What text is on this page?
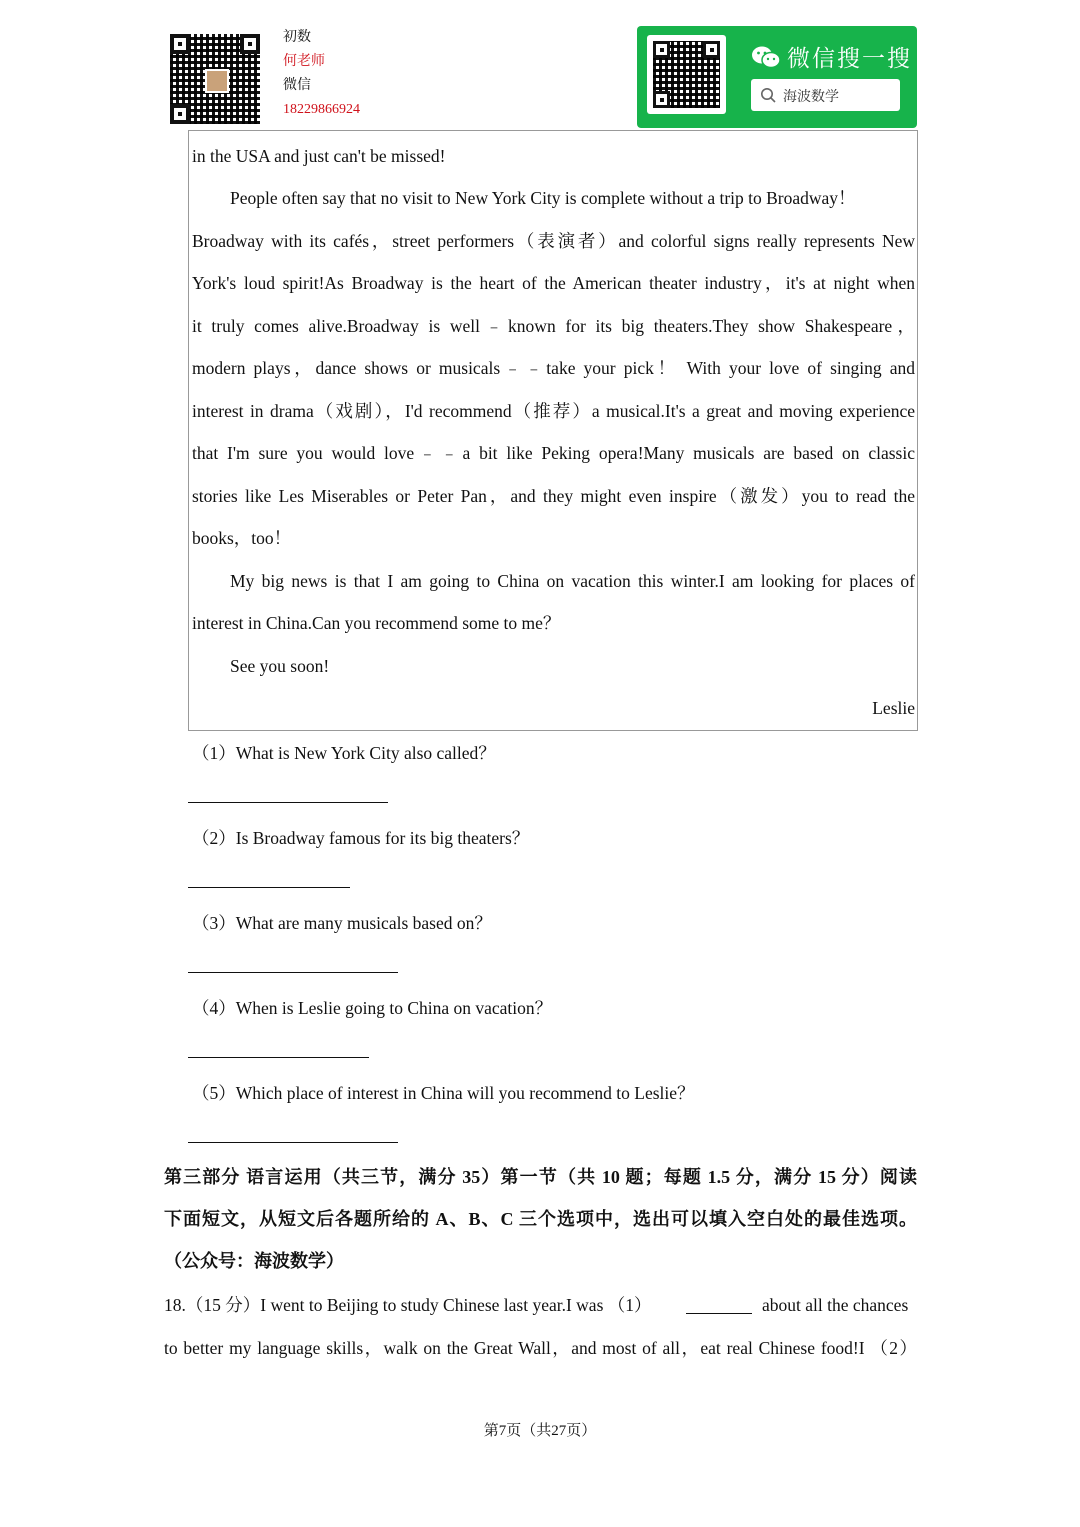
初数
何老师
微信
18229866924
微信搜一搜
海波数学
in the USA and just can't be missed!
People often say that no visit to New York City is complete without a trip to Broadway！
Broadway with its cafés，street performers（表演者）and colorful signs really represents New
York's loud spirit!As Broadway is the heart of the American theater industry，it's at night when
it truly comes alive.Broadway is well﹣known for its big theaters.They show Shakespeare，
modern plays，dance shows or musicals﹣﹣take your pick！ With your love of singing and
interest in drama（戏剧），I'd recommend（推荐）a musical.It's a great and moving experience
that I'm sure you would love﹣﹣a bit like Peking opera!Many musicals are based on classic
stories like Les Miserables or Peter Pan，and they might even inspire（激发）you to read the
books，too！
My big news is that I am going to China on vacation this winter.I am looking for places of
interest in China.Can you recommend some to me？
See you soon!
Leslie
（1）What is New York City also called？
（2）Is Broadway famous for its big theaters？
（3）What are many musicals based on？
（4）When is Leslie going to China on vacation？
（5）Which place of interest in China will you recommend to Leslie？
第三部分 语言运用（共三节，满分 35）第一节（共 10 题；每题 1.5 分，满分 15 分）阅读
下面短文，从短文后各题所给的 A、B、C 三个选项中，选出可以填入空白处的最佳选项。
（公众号：海波数学）
18.（15 分）I went to Beijing to study Chinese last year.I was （1）	about all the chances
to better my language skills，walk on the Great Wall，and most of all，eat real Chinese food!I （2）
第7页（共27页）
